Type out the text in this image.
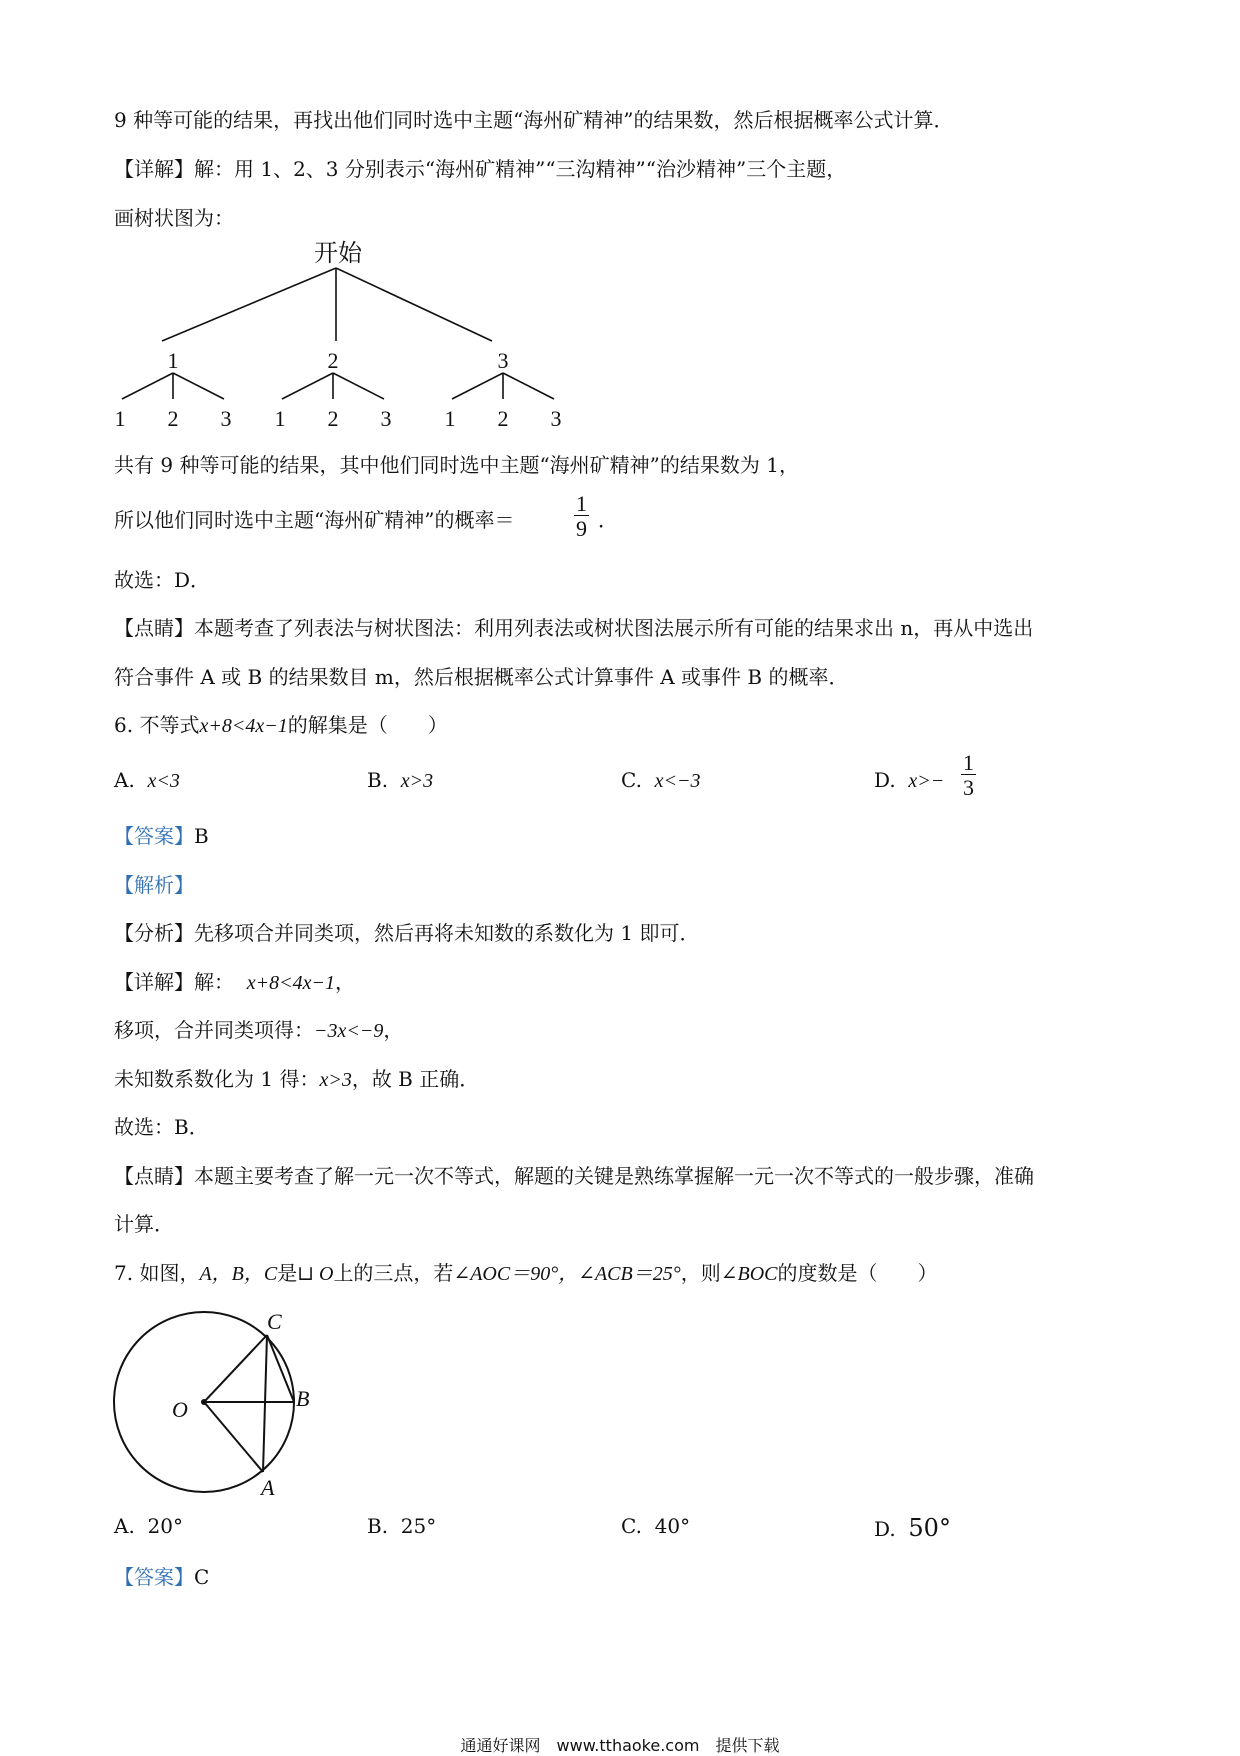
9 种等可能的结果，再找出他们同时选中主题“海州矿精神”的结果数，然后根据概率公式计算．
【详解】解：用 1、2、3 分别表示“海州矿精神”“三沟精神”“治沙精神”三个主题，
画树状图为：
开始
1	2	3
1 2 3 1 2 3 1 2 3
共有 9 种等可能的结果，其中他们同时选中主题“海州矿精神”的结果数为 1，
所以他们同时选中主题“海州矿精神”的概率＝	$\frac{1}{9}$ ．
故选：D．
【点睛】本题考查了列表法与树状图法：利用列表法或树状图法展示所有可能的结果求出 n，再从中选出
符合事件 A 或 B 的结果数目 m，然后根据概率公式计算事件 A 或事件 B 的概率．
6. 不等式x+8<4x−1的解集是（　　）
A. x<3	B. x>3	C. x<−3	D. $x>- \frac{1}{3}$
【答案】B
【解析】
【分析】先移项合并同类项，然后再将未知数的系数化为 1 即可．
【详解】解： x+8<4x−1，
移项，合并同类项得：−3x<−9，
未知数系数化为 1 得：x>3，故 B 正确．
故选：B．
【点睛】本题主要考查了解一元一次不等式，解题的关键是熟练掌握解一元一次不等式的一般步骤，准确
计算．
7. 如图，A，B，C是⊔ O上的三点，若∠AOC＝90°，∠ACB＝25°，则∠BOC的度数是（　　）
C
B
O
A
A. 20°	B. 25°	C. 40°	D. 50°
【答案】C
通通好课网　www.tthaoke.com　提供下载
